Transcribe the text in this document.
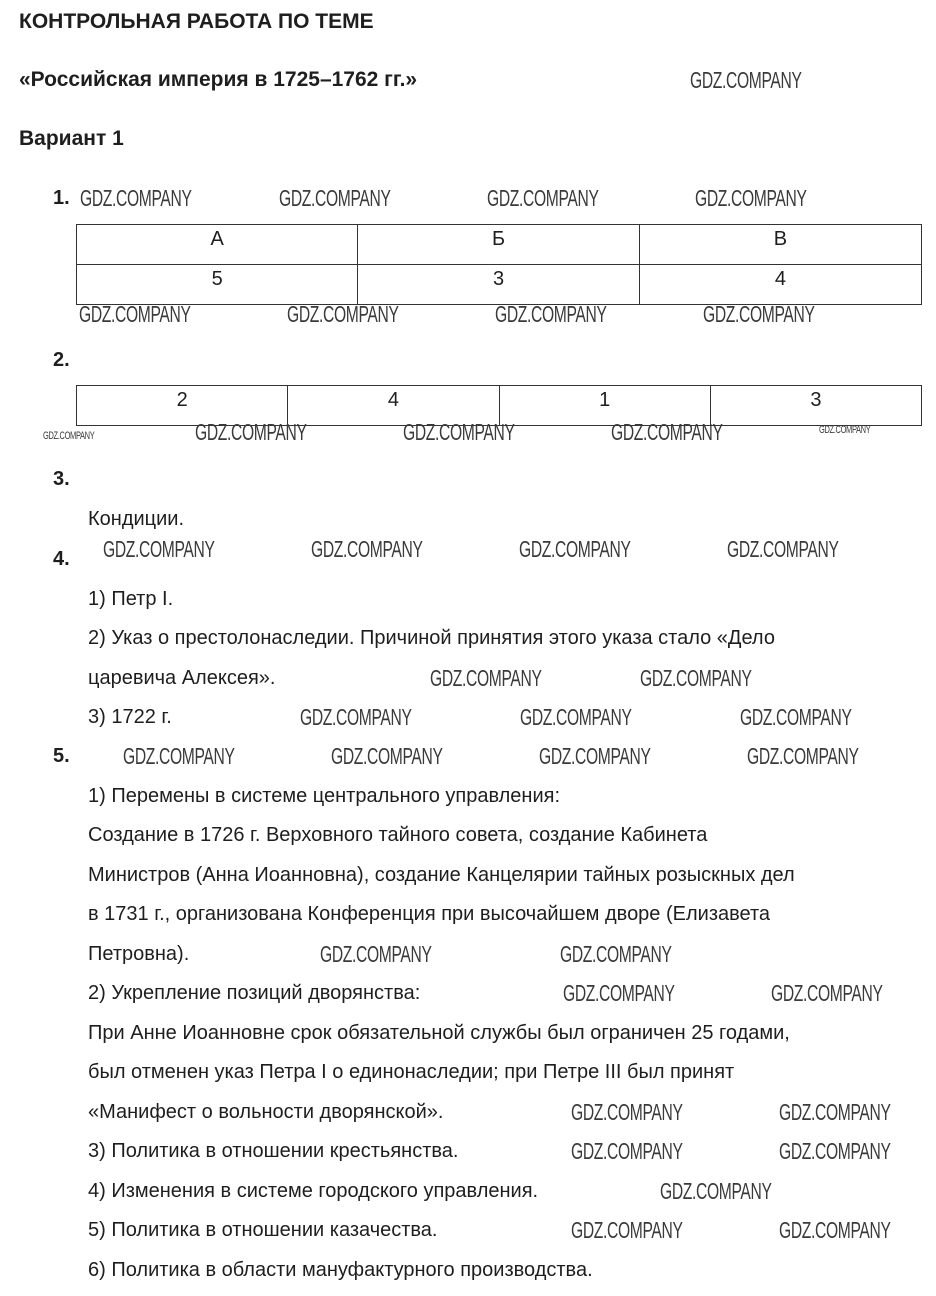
КОНТРОЛЬНАЯ РАБОТА ПО ТЕМЕ
«Российская империя в 1725–1762 гг.»
Вариант 1
1.
А	Б	В
5	3	4
2.
2	4	1	3
3.
Кондиции.
4.
1) Петр I.
2) Указ о престолонаследии. Причиной принятия этого указа стало «Дело
царевича Алексея».
3) 1722 г.
5.
1) Перемены в системе центрального управления:
Создание в 1726 г. Верховного тайного совета, создание Кабинета
Министров (Анна Иоанновна), создание Канцелярии тайных розыскных дел
в 1731 г., организована Конференция при высочайшем дворе (Елизавета
Петровна).
2) Укрепление позиций дворянства:
При Анне Иоанновне срок обязательной службы был ограничен 25 годами,
был отменен указ Петра I о единонаследии; при Петре III был принят
«Манифест о вольности дворянской».
3) Политика в отношении крестьянства.
4) Изменения в системе городского управления.
5) Политика в отношении казачества.
6) Политика в области мануфактурного производства.
GDZ.COMPANY
GDZ.COMPANY	GDZ.COMPANY	GDZ.COMPANY	GDZ.COMPANY
GDZ.COMPANY	GDZ.COMPANY	GDZ.COMPANY	GDZ.COMPANY
GDZ.COMPANY	GDZ.COMPANY	GDZ.COMPANY	GDZ.COMPANY	GDZ.COMPANY
GDZ.COMPANY	GDZ.COMPANY	GDZ.COMPANY	GDZ.COMPANY
GDZ.COMPANY	GDZ.COMPANY
GDZ.COMPANY	GDZ.COMPANY	GDZ.COMPANY
GDZ.COMPANY	GDZ.COMPANY	GDZ.COMPANY	GDZ.COMPANY
GDZ.COMPANY	GDZ.COMPANY
GDZ.COMPANY	GDZ.COMPANY
GDZ.COMPANY	GDZ.COMPANY
GDZ.COMPANY	GDZ.COMPANY
GDZ.COMPANY
GDZ.COMPANY	GDZ.COMPANY
